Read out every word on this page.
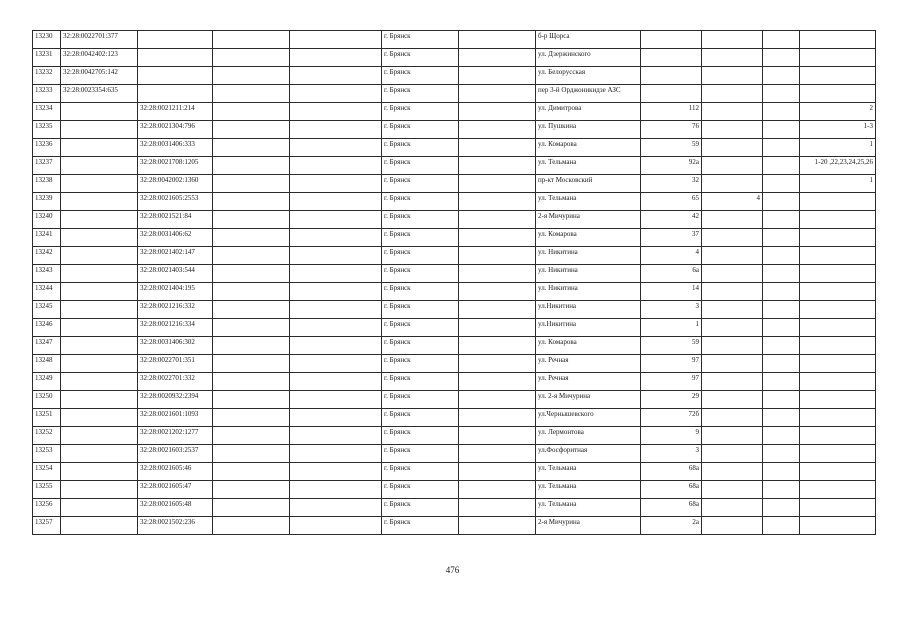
13230	32:28:0022701:377				г. Брянск		б-р Щорса				
13231	32:28:0042402:123				г. Брянск		ул. Дзержинского				
13232	32:28:0042705:142				г. Брянск		ул. Белорусская				
13233	32:28:0023354:635				г. Брянск		пер 3-й Орджоникидзе АЗС				
13234		32:28:0021211:214			г. Брянск		ул. Димитрова	112			2
13235		32:28:0021304:796			г. Брянск		ул. Пушкина	76			1-3
13236		32:28:0031406:333			г. Брянск		ул. Комарова	59			1
13237		32:28:0021708:1205			г. Брянск		ул. Тельмана	92а			1-20 ,22,23,24,25,26
13238		32:28:0042002:1360			г. Брянск		пр-кт Московский	32			1
13239		32:28:0021605:2553			г. Брянск		ул. Тельмана	65	4		
13240		32:28:0021521:84			г. Брянск		2-я Мичурина	42			
13241		32:28:0031406:62			г. Брянск		ул. Комарова	37			
13242		32:28:0021402:147			г. Брянск		ул. Никитина	4			
13243		32:28:0021403:544			г. Брянск		ул. Никитина	6а			
13244		32:28:0021404:195			г. Брянск		ул. Никитина	14			
13245		32:28:0021216:332			г. Брянск		ул.Никитина	3			
13246		32:28:0021216:334			г. Брянск		ул.Никитина	1			
13247		32:28:0031406:302			г. Брянск		ул. Комарова	59			
13248		32:28:0022701:351			г. Брянск		ул. Речная	97			
13249		32:28:0022701:332			г. Брянск		ул. Речная	97			
13250		32:28:0020932:2394			г. Брянск		ул. 2-я Мичурина	29			
13251		32:28:0021601:1093			г. Брянск		ул.Чернышевского	72б			
13252		32:28:0021202:1277			г. Брянск		ул. Лермонтова	9			
13253		32:28:0021603:2537			г. Брянск		ул.Фосфоритная	3			
13254		32:28:0021605:46			г. Брянск		ул. Тельмана	68а			
13255		32:28:0021605:47			г. Брянск		ул. Тельмана	68а			
13256		32:28:0021605:48			г. Брянск		ул. Тельмана	68а			
13257		32:28:0021502:236			г. Брянск		2-я Мичурина	2а			
476
